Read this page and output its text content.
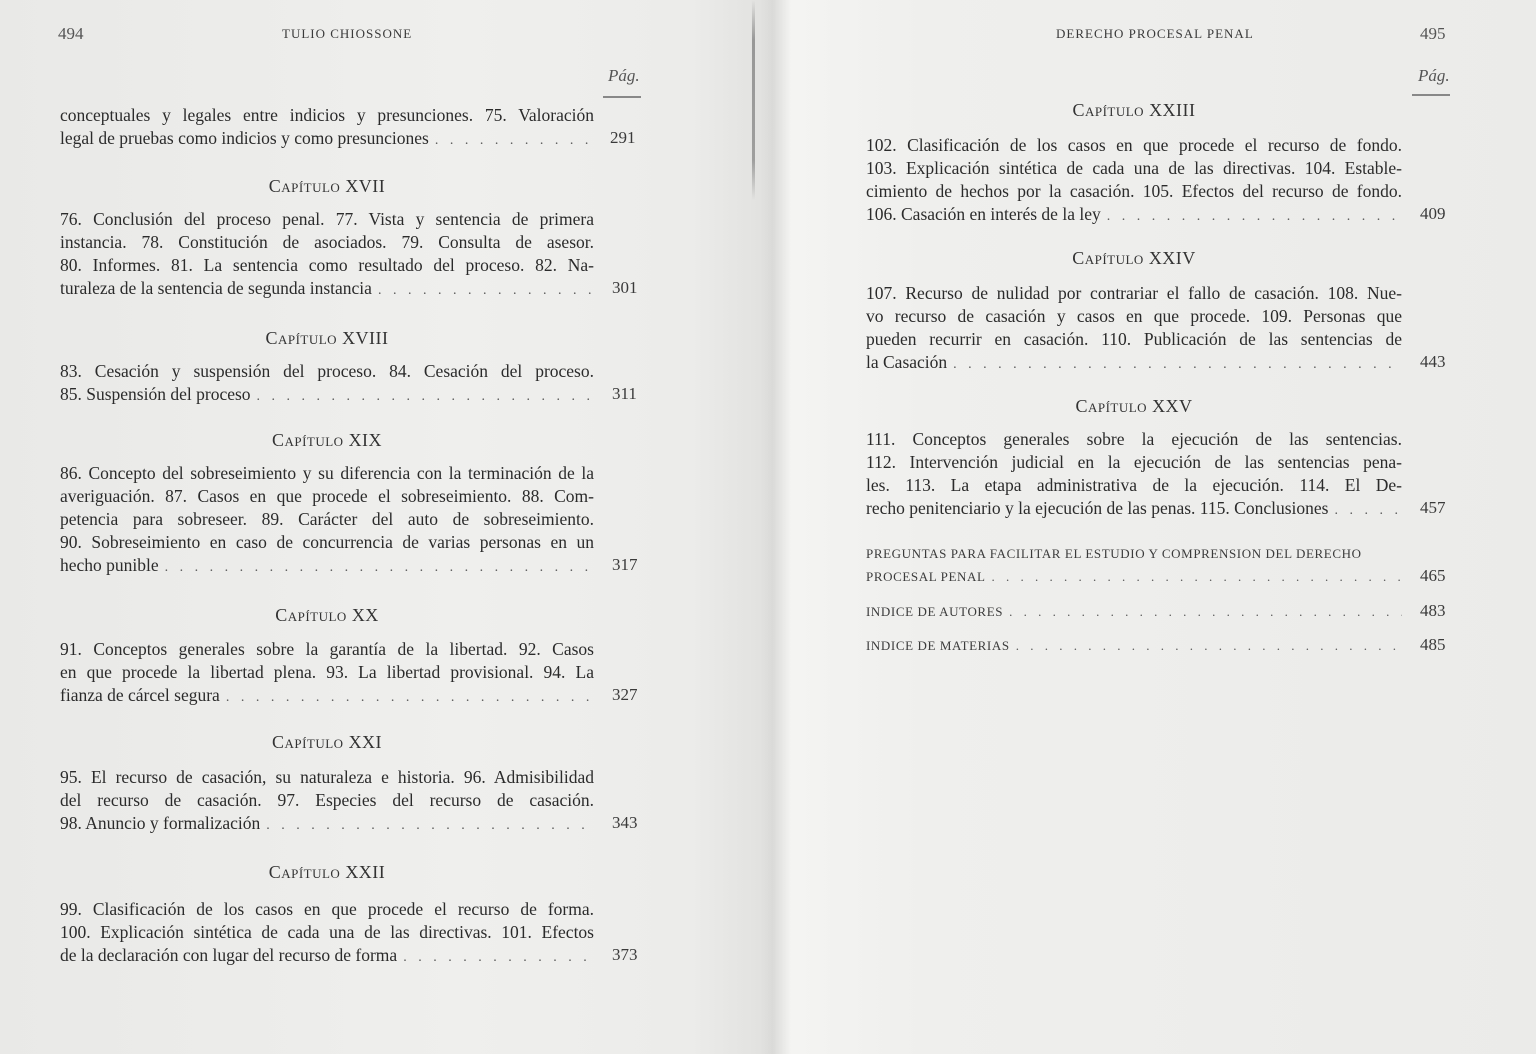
494	TULIO CHIOSSONE
Pág.
conceptuales y legales entre indicios y presunciones. 75. Valoración
legal de pruebas como indicios y como presunciones . . .	291
Capítulo XVII
76. Conclusión del proceso penal. 77. Vista y sentencia de primera
instancia. 78. Constitución de asociados. 79. Consulta de asesor.
80. Informes. 81. La sentencia como resultado del proceso. 82. Na-
turaleza de la sentencia de segunda instancia . . .	301
Capítulo XVIII
83. Cesación y suspensión del proceso. 84. Cesación del proceso.
85. Suspensión del proceso . . .	311
Capítulo XIX
86. Concepto del sobreseimiento y su diferencia con la terminación de la
averiguación. 87. Casos en que procede el sobreseimiento. 88. Com-
petencia para sobreseer. 89. Carácter del auto de sobreseimiento.
90. Sobreseimiento en caso de concurrencia de varias personas en un
hecho punible . . .	317
Capítulo XX
91. Conceptos generales sobre la garantía de la libertad. 92. Casos
en que procede la libertad plena. 93. La libertad provisional. 94. La
fianza de cárcel segura . . .	327
Capítulo XXI
95. El recurso de casación, su naturaleza e historia. 96. Admisibilidad
del recurso de casación. 97. Especies del recurso de casación.
98. Anuncio y formalización . . .	343
Capítulo XXII
99. Clasificación de los casos en que procede el recurso de forma.
100. Explicación sintética de cada una de las directivas. 101. Efectos
de la declaración con lugar del recurso de forma . . .	373
DERECHO PROCESAL PENAL	495
Pág.
Capítulo XXIII
102. Clasificación de los casos en que procede el recurso de fondo.
103. Explicación sintética de cada una de las directivas. 104. Estable-
cimiento de hechos por la casación. 105. Efectos del recurso de fondo.
106. Casación en interés de la ley . . .	409
Capítulo XXIV
107. Recurso de nulidad por contrariar el fallo de casación. 108. Nue-
vo recurso de casación y casos en que procede. 109. Personas que
pueden recurrir en casación. 110. Publicación de las sentencias de
la Casación . . .	443
Capítulo XXV
111. Conceptos generales sobre la ejecución de las sentencias.
112. Intervención judicial en la ejecución de las sentencias pena-
les. 113. La etapa administrativa de la ejecución. 114. El De-
recho penitenciario y la ejecución de las penas. 115. Conclusiones . . .	457
PREGUNTAS PARA FACILITAR EL ESTUDIO Y COMPRENSION DEL DERECHO
PROCESAL PENAL . . .	465
INDICE DE AUTORES . . .	483
INDICE DE MATERIAS . . .	485
